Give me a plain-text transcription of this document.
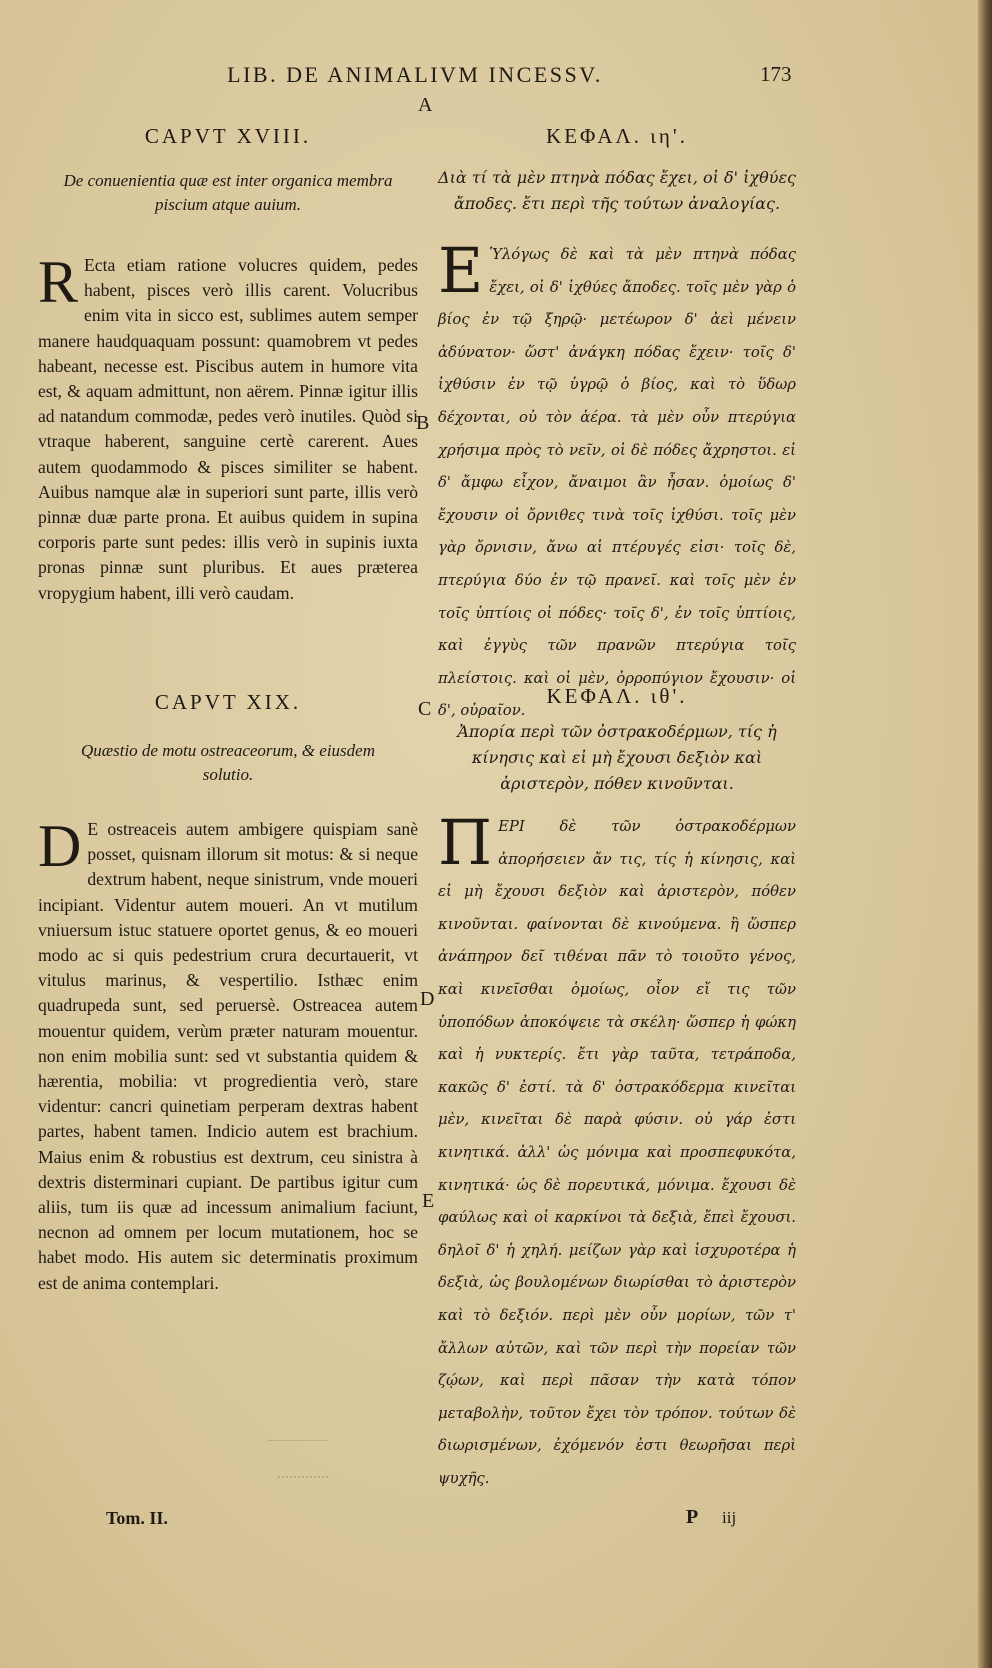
LIB. DE ANIMALIVM INCESSV.	173
A
B
C
D
E
CAPVT XVIII.
De conuenientia quæ est inter organica membra piscium atque auium.
R Ecta etiam ratione volucres quidem, pedes habent, pisces verò illis carent. Volucribus enim vita in sicco est, sublimes autem semper manere haudquaquam possunt: quamobrem vt pedes habeant, necesse est. Piscibus autem in humore vita est, & aquam admittunt, non aërem. Pinnæ igitur illis ad natandum commodæ, pedes verò inutiles. Quòd si vtraque haberent, sanguine certè carerent. Aues autem quodammodo & pisces similiter se habent. Auibus namque alæ in superiori sunt parte, illis verò pinnæ duæ parte prona. Et auibus quidem in supina corporis parte sunt pedes: illis verò in supinis iuxta pronas pinnæ sunt pluribus. Et aues præterea vropygium habent, illi verò caudam.
CAPVT XIX.
Quæstio de motu ostreaceorum, & eiusdem solutio.
D E ostreaceis autem ambigere quispiam sanè posset, quisnam illorum sit motus: & si neque dextrum habent, neque sinistrum, vnde moueri incipiant. Videntur autem moueri. An vt mutilum vniuersum istuc statuere oportet genus, & eo moueri modo ac si quis pedestrium crura decurtauerit, vt vitulus marinus, & vespertilio. Isthæc enim quadrupeda sunt, sed peruersè. Ostreacea autem mouentur quidem, verùm præter naturam mouentur. non enim mobilia sunt: sed vt substantia quidem & hærentia, mobilia: vt progredientia verò, stare videntur: cancri quinetiam perperam dextras habent partes, habent tamen. Indicio autem est brachium. Maius enim & robustius est dextrum, ceu sinistra à dextris disterminari cupiant. De partibus igitur cum aliis, tum iis quæ ad incessum animalium faciunt, necnon ad omnem per locum mutationem, hoc se habet modo. His autem sic determinatis proximum est de anima contemplari.
ΚΕΦΑΛ. ιη'.
Διὰ τί τὰ μὲν πτηνὰ πόδας ἔχει, οἱ δ' ἰχθύες ἄποδες. ἔτι περὶ τῆς τούτων ἀναλογίας.
Ε Ὑλόγως δὲ καὶ τὰ μὲν πτηνὰ πόδας ἔχει, οἱ δ' ἰχθύες ἄποδες. τοῖς μὲν γὰρ ὁ βίος ἐν τῷ ξηρῷ· μετέωρον δ' ἀεὶ μένειν ἀδύνατον· ὥστ' ἀνάγκη πόδας ἔχειν· τοῖς δ' ἰχθύσιν ἐν τῷ ὑγρῷ ὁ βίος, καὶ τὸ ὕδωρ δέχονται, οὐ τὸν ἀέρα. τὰ μὲν οὖν πτερύγια χρήσιμα πρὸς τὸ νεῖν, οἱ δὲ πόδες ἄχρηστοι. εἰ δ' ἄμφω εἶχον, ἄναιμοι ἂν ἦσαν. ὁμοίως δ' ἔχουσιν οἱ ὄρνιθες τινὰ τοῖς ἰχθύσι. τοῖς μὲν γὰρ ὄρνισιν, ἄνω αἱ πτέρυγές εἰσι· τοῖς δὲ, πτερύγια δύο ἐν τῷ πρανεῖ. καὶ τοῖς μὲν ἐν τοῖς ὑπτίοις οἱ πόδες· τοῖς δ', ἐν τοῖς ὑπτίοις, καὶ ἐγγὺς τῶν πρανῶν πτερύγια τοῖς πλείστοις. καὶ οἱ μὲν, ὀρροπύγιον ἔχουσιν· οἱ δ', οὐραῖον.
ΚΕΦΑΛ. ιθ'.
Ἀπορία περὶ τῶν ὀστρακοδέρμων, τίς ἡ κίνησις καὶ εἰ μὴ ἔχουσι δεξιὸν καὶ ἀριστερὸν, πόθεν κινοῦνται.
ΠΕΡΙ δὲ τῶν ὀστρακοδέρμων ἀπορήσειεν ἄν τις, τίς ἡ κίνησις, καὶ εἰ μὴ ἔχουσι δεξιὸν καὶ ἀριστερὸν, πόθεν κινοῦνται. φαίνονται δὲ κινούμενα. ἢ ὥσπερ ἀνάπηρον δεῖ τιθέναι πᾶν τὸ τοιοῦτο γένος, καὶ κινεῖσθαι ὁμοίως, οἷον εἴ τις τῶν ὑποπόδων ἀποκόψειε τὰ σκέλη· ὥσπερ ἡ φώκη καὶ ἡ νυκτερίς. ἔτι γὰρ ταῦτα, τετράποδα, κακῶς δ' ἐστί. τὰ δ' ὀστρακόδερμα κινεῖται μὲν, κινεῖται δὲ παρὰ φύσιν. οὐ γάρ ἐστι κινητικά. ἀλλ' ὡς μόνιμα καὶ προσπεφυκότα, κινητικά· ὡς δὲ πορευτικά, μόνιμα. ἔχουσι δὲ φαύλως καὶ οἱ καρκίνοι τὰ δεξιὰ, ἔπεὶ ἔχουσι. δηλοῖ δ' ἡ χηλή. μείζων γὰρ καὶ ἰσχυροτέρα ἡ δεξιὰ, ὡς βουλομένων διωρίσθαι τὸ ἀριστερὸν καὶ τὸ δεξιόν. περὶ μὲν οὖν μορίων, τῶν τ' ἄλλων αὐτῶν, καὶ τῶν περὶ τὴν πορείαν τῶν ζῴων, καὶ περὶ πᾶσαν τὴν κατὰ τόπον μεταβολὴν, τοῦτον ἔχει τὸν τρόπον. τούτων δὲ διωρισμένων, ἐχόμενόν ἐστι θεωρῆσαι περὶ ψυχῆς.
Tom. II.	P iij
